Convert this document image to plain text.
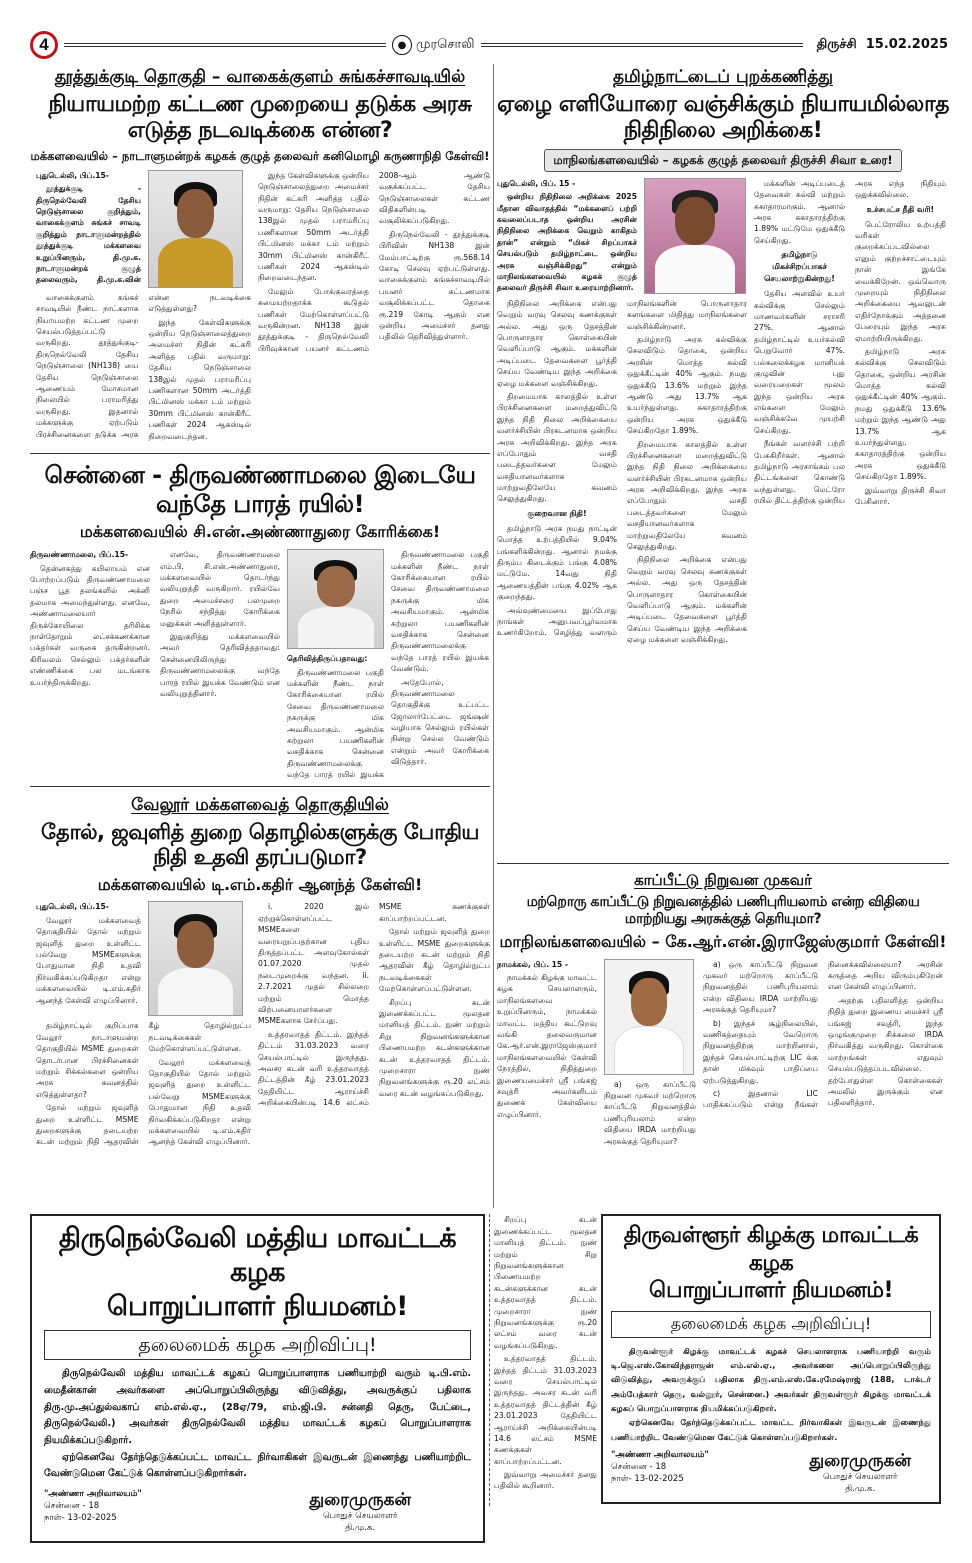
4	● முரசொலி	திருச்சி 15.02.2025
தூத்துக்குடி தொகுதி – வாகைக்குளம் சுங்கச்சாவடியில்
நியாயமற்ற கட்டண முறையை தடுக்க அரசு எடுத்த நடவடிக்கை என்ன?
மக்களவையில் – நாடாளுமன்றக் கழகக் குழுத் தலைவர் கனிமொழி கருணாநிதி கேள்வி!

புதுடெல்லி, பிப்.15-

தூத்துக்குடி - திருநெல்வேலி தேசிய நெடுஞ்சாலை குறித்தும், வாகைக்குளம் சுங்கச் சாவடி குறித்தும் நாடாளுமன்றத்தில் தூத்துக்குடி மக்களவை உறுப்பினரும், தி.மு.க. நாடாளுமன்றக் குழுத் தலைவரும், தி.மு.க.வின்

வாகைக்குளம் சுங்கச் சாவடியில் நீண்ட நாட்களாக நியாயமற்ற கட்டண முறை செயல்படுத்தப்பட்டு வருகிறது. தூத்துக்குடி-திருநெல்வேலி தேசிய நெடுஞ்சாலை (NH138) யை தேசிய நெடுஞ்சாலை ஆணையம் மோசமான நிலையில் பராமரித்து வருகிறது. இதனால் மக்களுக்கு ஏற்படும் பிரச்சினைகளை தடுக்க அரசு என்ன நடவடிக்கை எடுத்துள்ளது?

இந்த கேள்விகளுக்கு ஒன்றிய நெடுஞ்சாலைத்துறை அமைச்சர் நிதின் கட்கரி அளித்த பதில் வருமாறு: தேசிய நெடுஞ்சாலை 138இல் முதல் பராமரிப்பு பணிகளான 50mm அடர்த்தி பிட்மினஸ் மக்கா டம் மற்றும் 30mm பிட்மினஸ் கான்கிரீட் பணிகள் 2024 ஆகஸ்டில் நிறைவடைந்தன.

இந்த கேள்விகளுக்கு ஒன்றிய நெடுஞ்சாலைத்துறை அமைச்சர் நிதின் கட்கரி அளித்த பதில் வருமாறு: தேசிய நெடுஞ்சாலை 138இல் முதல் பராமரிப்பு பணிகளான 50mm அடர்த்தி பிட்மினஸ் மக்கா டம் மற்றும் 30mm பிட்மினஸ் கான்கிரீட் பணிகள் 2024 ஆகஸ்டில் நிறைவடைந்தன.

மேலும் போக்குவரத்தை சுமையற்றதாக்க கூடுதல் பணிகள் மேற்கொள்ளப்பட்டு வருகின்றன. NH138 இன் தூத்துக்குடி - திருநெல்வேலி பிரிவுக்கான பயனர் கட்டணம் 2008-ஆம் ஆண்டு வகுக்கப்பட்ட தேசிய நெடுஞ்சாலைகள் கட்டண விதிகளின்படி வசூலிக்கப்படுகிறது.

திருநெல்வேலி - தூத்துக்குடி பிரிவின் NH138 இன் மேம்பாட்டிற்கு ரூ.568.14 கோடி செலவு ஏற்பட்டுள்ளது. வாகைக்குளம் சுங்கச்சாவடியில் பயனர் கட்டணமாக வசூலிக்கப்பட்ட தொகை ரூ.219 கோடி ஆகும் என ஒன்றிய அமைச்சர் தனது பதிலில் தெரிவித்துள்ளார்.

சென்னை - திருவண்ணாமலை இடையே வந்தே பாரத் ரயில்!
மக்களவையில் சி.என்.அண்ணாதுரை கோரிக்கை!

திருவண்ணாமலை, பிப்.15-

தென்னகத்து கயிலாயம் என போற்றப்படும் திருவண்ணாமலை பஞ்ச பூத தலங்களில் அக்னி தலமாக அமைந்துள்ளது. எனவே, அண்ணாமலையார் திருக்கோயிலை தரிசிக்க நாள்தோறும் லட்சக்கணக்கான பக்தர்கள் வருகை தருகின்றனர். கிரிவலம் செல்லும் பக்தர்களின் எண்ணிக்கை பல மடங்காக உயர்ந்திருக்கிறது.

எனவே, திருவண்ணாமலை எம்.பி. சி.என்.அண்ணாதுரை, மக்களவையில் தொடர்ந்து வலியுறுத்தி வருகிறார். ரயில்வே துறை அமைச்சரை பலமுறை நேரில் சந்தித்து கோரிக்கை மனுக்கள் அளித்துள்ளார்.

இதுகுறித்து மக்களவையில் அவர் தெரிவித்ததாவது: சென்னையிலிருந்து திருவண்ணாமலைக்கு வந்தே பாரத் ரயில் இயக்க வேண்டும் என வலியுறுத்தினார்.

தெரிவித்திருப்பதாவது:

திருவண்ணாமலை பகுதி மக்களின் நீண்ட நாள் கோரிக்கையான ரயில் சேவை திருவண்ணாமலை நகருக்கு மிக அவசியமாகும். ஆன்மிக சுற்றுலா பயணிகளின் வசதிக்காக சென்னை திருவண்ணாமலைக்கு வந்தே பாரத் ரயில் இயக்க

திருவண்ணாமலை பகுதி மக்களின் நீண்ட நாள் கோரிக்கையான ரயில் சேவை திருவண்ணாமலை நகருக்கு மிக அவசியமாகும். ஆன்மிக சுற்றுலா பயணிகளின் வசதிக்காக சென்னை திருவண்ணாமலைக்கு வந்தே பாரத் ரயில் இயக்க வேண்டும்.

அதேபோல், திருவண்ணாமலை தொகுதிக்கு உட்பட்ட ஜோலார்பேட்டை ஜங்ஷன் வழியாக செல்லும் ரயில்கள் நின்று செல்ல வேண்டும் என்றும் அவர் கோரிக்கை விடுத்தார்.

வேலூர் மக்களவைத் தொகுதியில்
தோல், ஜவுளித் துறை தொழில்களுக்கு போதிய நிதி உதவி தரப்படுமா?
மக்களவையில் டி.எம்.கதிர் ஆனந்த் கேள்வி!

புதுடெல்லி, பிப்.15-

வேலூர் மக்களவைத் தொகுதியில் தோல் மற்றும் ஜவுளித் துறை உள்ளிட்ட பல்வேறு MSMEகளுக்கு போதுமான நிதி உதவி நிர்வகிக்கப்படுகிறதா என்று மக்களவையில் டி.எம்.கதிர் ஆனந்த் கேள்வி எழுப்பினார்.

தமிழ்நாட்டில் குறிப்பாக வேலூர் நாடாளுமன்ற தொகுதியில் MSME துறைகள் தொடர்பான பிரச்சினைகள் மற்றும் சிக்கல்களை ஒன்றிய அரசு கவனத்தில் எடுத்துள்ளதா?

தோல் மற்றும் ஜவுளித் துறை உள்ளிட்ட MSME துறைகளுக்கு தடையற்ற கடன் மற்றும் நிதி ஆதரவின் கீழ் தொழில்நுட்ப நடவடிக்கைகள் மேற்கொள்ளப்பட்டுள்ளன.

வேலூர் மக்களவைத் தொகுதியில் தோல் மற்றும் ஜவுளித் துறை உள்ளிட்ட பல்வேறு MSMEகளுக்கு போதுமான நிதி உதவி நிர்வகிக்கப்படுகிறதா என்று மக்களவையில் டி.எம்.கதிர் ஆனந்த் கேள்வி எழுப்பினார்.

i. 2020 இல் ஏற்றுக்கொள்ளப்பட்ட MSMEகளை வரையறுப்பதற்கான புதிய திருத்தப்பட்ட அளவுகோல்கள் 01.07.2020 முதல் நடைமுறைக்கு வந்தன. ii. 2.7.2021 முதல் சில்லறை மற்றும் மொத்த விற்பனையாளர்களை MSMEகளாக சேர்ப்பது.

உத்தரவாதத் திட்டம். இந்தத் திட்டம் 31.03.2023 வரை செயல்பாட்டில் இருந்தது. அவசர கடன் வரி உத்தரவாதத் திட்டத்தின் கீழ் 23.01.2023 தேதியிட்ட ஆராய்ச்சி அறிக்கையின்படி 14.6 லட்சம் MSME கணக்குகள் காப்பாற்றப்பட்டன.

தோல் மற்றும் ஜவுளித் துறை உள்ளிட்ட MSME துறைகளுக்கு தடையற்ற கடன் மற்றும் நிதி ஆதரவின் கீழ் தொழில்நுட்ப நடவடிக்கைகள் மேற்கொள்ளப்பட்டுள்ளன.

சிறப்பு கடன் இணைக்கப்பட்ட மூலதன மானியத் திட்டம். நுண் மற்றும் சிறு நிறுவனங்களுக்கான பிணையமற்ற கடன்களுக்கான கடன் உத்தரவாதத் திட்டம். முறைசாரா நுண் நிறுவனங்களுக்கு ரூ.20 லட்சம் வரை கடன் வழங்கப்படுகிறது.

தமிழ்நாட்டைப் புறக்கணித்து
ஏழை எளியோரை வஞ்சிக்கும் நியாயமில்லாத நிதிநிலை அறிக்கை!
மாநிலங்களவையில் – கழகக் குழுத் தலைவர் திருச்சி சிவா உரை!

புதுடெல்லி, பிப். 15 -

ஒன்றிய நிதிநிலை அறிக்கை 2025 மீதான விவாதத்தில் “மக்களைப் பற்றி கவலைப்படாத ஒன்றிய அரசின் நிதிநிலை அறிக்கை வெறும் காகிதம் தான்” என்றும் “மிகச் சிறப்பாகச் செயல்படும் தமிழ்நாட்டை ஒன்றிய அரசு வஞ்சிக்கிறது” என்றும் மாநிலங்களவையில் கழகக் குழுத் தலைவர் திருச்சி சிவா உரையாற்றினார்.

நிதிநிலை அறிக்கை என்பது வெறும் வரவு செலவு கணக்குகள் அல்ல. அது ஒரு தேசத்தின் பொருளாதார கொள்கையின் வெளிப்பாடு ஆகும். மக்களின் அடிப்படை தேவைகளை பூர்த்தி செய்ய வேண்டிய இந்த அறிக்கை ஏழை மக்களை வஞ்சிக்கிறது.

திறமையாக காலத்தில் உள்ள பிரச்சினைகளை மறைத்துவிட்டு இந்த நிதி நிலை அறிக்கையை வளர்ச்சியின் பிரகடனமாக ஒன்றிய அரசு அறிவிக்கிறது. இந்த அரசு எப்போதும் வசதி படைத்தவர்களை மேலும் வசதியானவர்களாக மாற்றுவதிலேயே கவனம் செலுத்துகிறது.

குறைவான நிதி!

தமிழ்நாடு அரசு நமது நாட்டின் மொத்த உற்பத்தியில் 9.04% பங்களிக்கின்றது. ஆனால் நமக்கு திரும்ப கிடைக்கும் பங்கு 4.08% மட்டுமே. 14வது நிதி ஆணையத்தின் பங்கு 4.02% ஆக குறைந்தது.

அவ்வுண்மையை இப்போது நாங்கள் அனுபவப்பூர்வமாக உணர்கிறோம். செழித்து வளரும் மாநிலங்களின் பொருளாதார களங்களை மிதித்து மாநிலங்களை வஞ்சிக்கின்றனர்.

தமிழ்நாடு அரசு கல்விக்கு செலவிடும் தொகை, ஒன்றிய அரசின் மொத்த கல்வி ஒதுக்கீட்டின் 40% ஆகும். நமது ஒதுக்கீடு 13.6% மற்றும் இந்த ஆண்டு அது 13.7% ஆக உயர்ந்துள்ளது. சுகாதாரத்திற்கு ஒன்றிய அரசு ஒதுக்கீடு செய்கிறதோ 1.89%.

திறமையாக காலத்தில் உள்ள பிரச்சினைகளை மறைத்துவிட்டு இந்த நிதி நிலை அறிக்கையை வளர்ச்சியின் பிரகடனமாக ஒன்றிய அரசு அறிவிக்கிறது. இந்த அரசு எப்போதும் வசதி படைத்தவர்களை மேலும் வசதியானவர்களாக மாற்றுவதிலேயே கவனம் செலுத்துகிறது.

நிதிநிலை அறிக்கை என்பது வெறும் வரவு செலவு கணக்குகள் அல்ல. அது ஒரு தேசத்தின் பொருளாதார கொள்கையின் வெளிப்பாடு ஆகும். மக்களின் அடிப்படை தேவைகளை பூர்த்தி செய்ய வேண்டிய இந்த அறிக்கை ஏழை மக்களை வஞ்சிக்கிறது.

மக்களின் அடிப்படைத் தேவைகள் கல்வி மற்றும் சுகாதாரமாகும். ஆனால் அரசு சுகாதாரத்திற்கு 1.89% மட்டுமே ஒதுக்கீடு செய்கிறது.

தமிழ்நாடு மிகச்சிறப்பாகச் செயலாற்றுகின்றது!

தேசிய அளவில் உயர் கல்விக்கு செல்லும் மாணவர்களின் சராசரி 27%. ஆனால் தமிழ்நாட்டில் உயர்கல்வி பெறுவோர் 47%. பல்கலைக்கழக மானியக் குழுவின் புது வரையறைகள் மூலம் இந்த ஒன்றிய அரசு எங்களை மேலும் வஞ்சிக்கவே முயற்சி செய்கிறது.

நீங்கள் வளர்ச்சி பற்றி பேசுகிறீர்கள். ஆனால் தமிழ்நாடு அரசாங்கம் பல திட்டங்களை கொண்டு வந்துள்ளது. மெட்ரோ ரயில் திட்டத்திற்கு ஒன்றிய அரசு எந்த நிதியும் ஒதுக்கவில்லை.

உச்சபட்ச நீதி வரி!

பெட்ரோலிய உற்பத்தி வரிகள் குறைக்கப்படவில்லை எனும் குற்றச்சாட்டையும் நான் இங்கே வைக்கிறேன். ஒவ்வொரு முறையும் நிதிநிலை அறிக்கையை ஆவலுடன் எதிர்நோக்கும் அத்தனை பேரையும் இந்த அரசு ஏமாற்றியிருக்கிறது.

தமிழ்நாடு அரசு கல்விக்கு செலவிடும் தொகை, ஒன்றிய அரசின் மொத்த கல்வி ஒதுக்கீட்டின் 40% ஆகும். நமது ஒதுக்கீடு 13.6% மற்றும் இந்த ஆண்டு அது 13.7% ஆக உயர்ந்துள்ளது. சுகாதாரத்திற்கு ஒன்றிய அரசு ஒதுக்கீடு செய்கிறதோ 1.89%.

இவ்வாறு திருச்சி சிவா பேசினார்.

காப்பீட்டு நிறுவன முகவர்
மற்றொரு காப்பீட்டு நிறுவனத்தில் பணிபுரியலாம் என்ற விதியை மாற்றியது அரசுக்குத் தெரியுமா?
மாநிலங்களவையில் – கே.ஆர்.என்.இராஜேஸ்குமார் கேள்வி!

நாமக்கல், பிப். 15 -

நாமக்கல் கிழக்கு மாவட்ட கழக செயலாளரும், மாநிலங்களவை உறுப்பினரும், நாமக்கல் மாவட்ட மத்திய கூட்டுறவு வங்கி தலைவருமான கே.ஆர்.என்.இராஜேஸ்குமார் மாநிலங்களவையில் கேள்வி நேரத்தில், நிதித்துறை இணையமைச்சர் ஸ்ரீ பங்கஜ் சவுத்ரி அவர்களிடம் துணைக் கேள்வியை எழுப்பினார்.

a) ஒரு காப்பீட்டு நிறுவன முகவர் மற்றொரு காப்பீட்டு நிறுவனத்தில் பணிபுரியலாம் என்ற விதியை IRDA மாற்றியது அரசுக்குத் தெரியுமா?

a) ஒரு காப்பீட்டு நிறுவன முகவர் மற்றொரு காப்பீட்டு நிறுவனத்தில் பணிபுரியலாம் என்ற விதியை IRDA மாற்றியது அரசுக்குத் தெரியுமா?

b) இந்தச் சூழ்நிலையில், வணிகத்தையும் வேறொரு நிறுவனத்திற்கு மாற்றினால், இந்தச் செயல்பாட்டிற்கு LIC க்கு தான் மிகவும் பாதிப்பை ஏற்படுத்துகிறது.

c) இதனால் LIC பாதிக்கப்படும் என்று நீங்கள் நினைக்கவில்லையா? அரசின் கருத்தை அறிய விரும்புகிறேன் என கேள்வி எழுப்பினார்.

அதற்கு பதிலளித்த ஒன்றிய நிதித் துறை இணைய மைச்சர் ஸ்ரீ பங்கஜ் சவுத்ரி, இந்த ஒழுங்குமுறை சிக்கலை IRDA நிர்வகித்து வருகிறது. கொள்கை மாற்றங்கள் எதுவும் செயல்படுத்தப்படவில்லை. தற்போதுள்ள கொள்கைகள் அமலில் இருக்கும் என பதிலளித்தார்.

திருநெல்வேலி மத்திய மாவட்டக் கழக
பொறுப்பாளர் நியமனம்!
தலைமைக் கழக அறிவிப்பு!

திருநெல்வேலி மத்திய மாவட்டக் கழகப் பொறுப்பாளராக பணியாற்றி வரும் டி.பி.எம். மைதீன்கான் அவர்களை அப்பொறுப்பிலிருந்து விடுவித்து, அவருக்குப் பதிலாக திரு.மு.அப்துல்வகாப் எம்.எல்.ஏ., (28ஏ/79, எம்.ஜி.பி. சன்னதி தெரு, பேட்டை, திருநெல்வேலி.) அவர்கள் திருநெல்வேலி மத்திய மாவட்டக் கழகப் பொறுப்பாளராக நியமிக்கப்படுகிறார்.

ஏற்கெனவே தேர்ந்தெடுக்கப்பட்ட மாவட்ட நிர்வாகிகள் இவருடன் இணைந்து பணியாற்றிட வேண்டுமென கேட்டுக் கொள்ளப்படுகிறார்கள்.

"அண்ணா அறிவாலயம்"
சென்னை - 18
நாள்- 13-02-2025
துரைமுருகன்
பொதுச் செயலாளர்
தி.மு.க.

சிறப்பு கடன் இணைக்கப்பட்ட மூலதன மானியத் திட்டம். நுண் மற்றும் சிறு நிறுவனங்களுக்கான பிணையமற்ற கடன்களுக்கான கடன் உத்தரவாதத் திட்டம். முறைசாரா நுண் நிறுவனங்களுக்கு ரூ.20 லட்சம் வரை கடன் வழங்கப்படுகிறது.

உத்தரவாதத் திட்டம். இந்தத் திட்டம் 31.03.2023 வரை செயல்பாட்டில் இருந்தது. அவசர கடன் வரி உத்தரவாதத் திட்டத்தின் கீழ் 23.01.2023 தேதியிட்ட ஆராய்ச்சி அறிக்கையின்படி 14.6 லட்சம் MSME கணக்குகள் காப்பாற்றப்பட்டன.

இவ்வாறு அமைச்சர் தனது பதிலில் கூறினார்.

திருவள்ளூர் கிழக்கு மாவட்டக் கழக
பொறுப்பாளர் நியமனம்!
தலைமைக் கழக அறிவிப்பு!

திருவள்ளூர் கிழக்கு மாவட்டக் கழகச் செயலாளராக பணியாற்றி வரும் டி.ஜெ.எஸ்.கோவிந்தராஜன் எம்.எல்.ஏ., அவர்களை அப்பொறுப்பிலிருந்து விடுவித்து, அவருக்குப் பதிலாக திரு.எம்.எஸ்.கே.ரமேஷ்ராஜ் (188, டாக்டர் அம்பேத்கார் தெரு, வல்லூர், சென்னை.) அவர்கள் திருவள்ளூர் கிழக்கு மாவட்டக் கழகப் பொறுப்பாளராக நியமிக்கப்படுகிறார்.

ஏற்கெனவே தேர்ந்தெடுக்கப்பட்ட மாவட்ட நிர்வாகிகள் இவருடன் இணைந்து பணியாற்றிட வேண்டுமென கேட்டுக் கொள்ளப்படுகிறார்கள்.

"அண்ணா அறிவாலயம்"
சென்னை - 18
நாள்- 13-02-2025
துரைமுருகன்
பொதுச் செயலாளர்
தி.மு.க.
